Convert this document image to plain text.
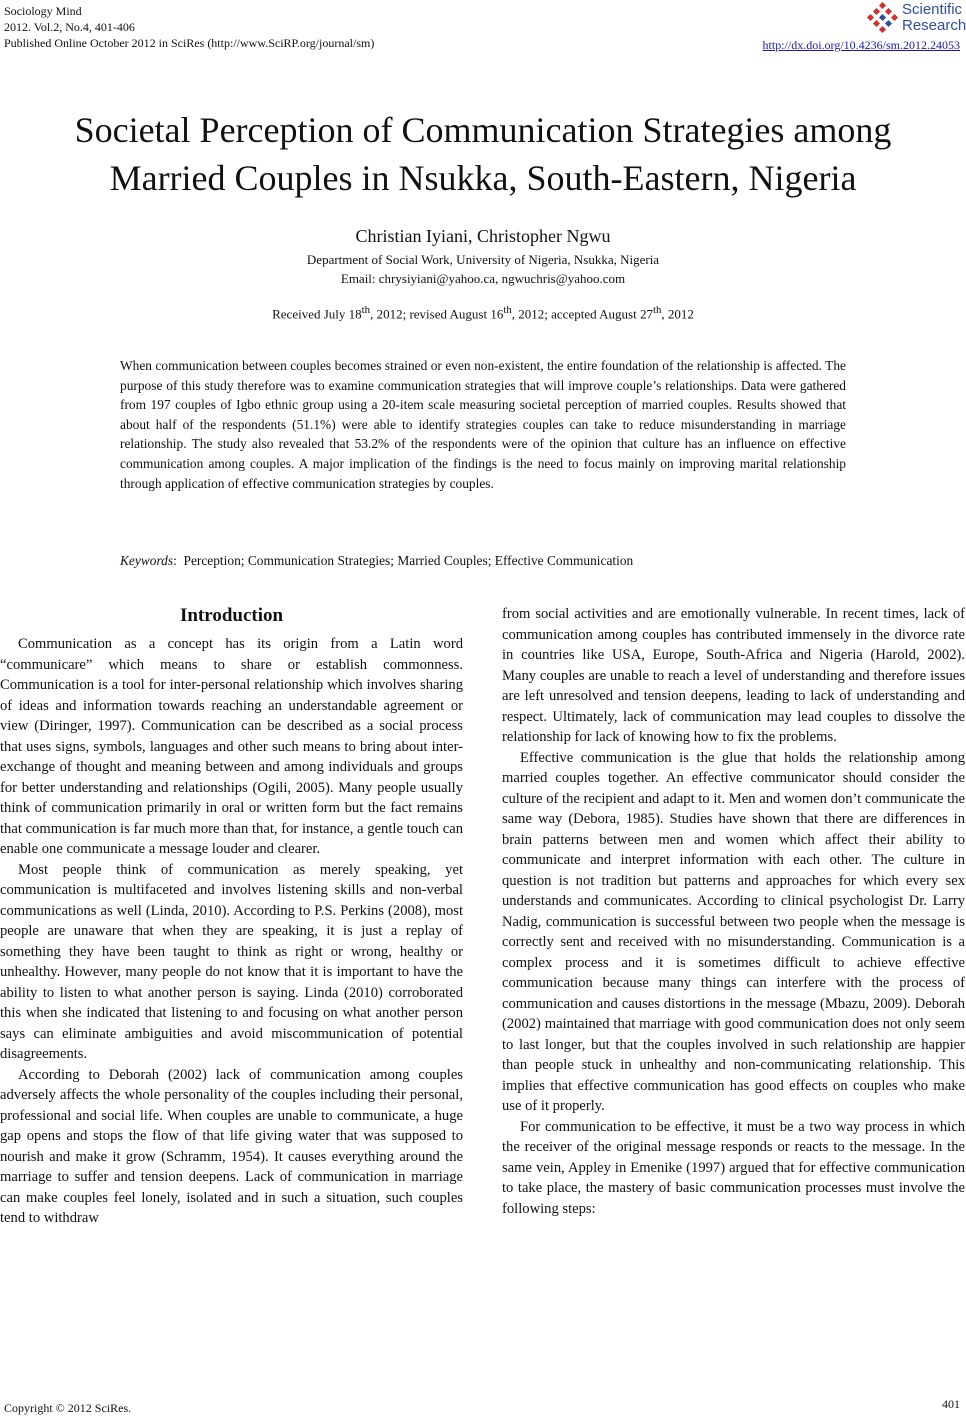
Sociology Mind
2012. Vol.2, No.4, 401-406
Published Online October 2012 in SciRes (http://www.SciRP.org/journal/sm)	http://dx.doi.org/10.4236/sm.2012.24053
Scientific
Research
Societal Perception of Communication Strategies among
Married Couples in Nsukka, South-Eastern, Nigeria
Christian Iyiani, Christopher Ngwu
Department of Social Work, University of Nigeria, Nsukka, Nigeria
Email: chrysiyiani@yahoo.ca, ngwuchris@yahoo.com
Received July 18th, 2012; revised August 16th, 2012; accepted August 27th, 2012

When communication between couples becomes strained or even non-existent, the entire foundation of the relationship is affected. The purpose of this study therefore was to examine communication strategies that will improve couple’s relationships. Data were gathered from 197 couples of Igbo ethnic group using a 20-item scale measuring societal perception of married couples. Results showed that about half of the respondents (51.1%) were able to identify strategies couples can take to reduce misunderstanding in marriage relationship. The study also revealed that 53.2% of the respondents were of the opinion that culture has an influence on effective communication among couples. A major implication of the findings is the need to focus mainly on improving marital relationship through application of effective communication strategies by couples.

Keywords:  Perception; Communication Strategies; Married Couples; Effective Communication
Introduction

Communication as a concept has its origin from a Latin word “communicare” which means to share or establish commonness. Communication is a tool for inter-personal relationship which involves sharing of ideas and information towards reaching an understandable agreement or view (Diringer, 1997). Communication can be described as a social process that uses signs, symbols, languages and other such means to bring about inter-exchange of thought and meaning between and among individuals and groups for better understanding and relationships (Ogili, 2005). Many people usually think of communication primarily in oral or written form but the fact remains that communication is far much more than that, for instance, a gentle touch can enable one communicate a message louder and clearer.

Most people think of communication as merely speaking, yet communication is multifaceted and involves listening skills and non-verbal communications as well (Linda, 2010). According to P.S. Perkins (2008), most people are unaware that when they are speaking, it is just a replay of something they have been taught to think as right or wrong, healthy or unhealthy. However, many people do not know that it is important to have the ability to listen to what another person is saying. Linda (2010) corroborated this when she indicated that listening to and focusing on what another person says can eliminate ambiguities and avoid miscommunication of potential disagreements.

According to Deborah (2002) lack of communication among couples adversely affects the whole personality of the couples including their personal, professional and social life. When couples are unable to communicate, a huge gap opens and stops the flow of that life giving water that was supposed to nourish and make it grow (Schramm, 1954). It causes everything around the marriage to suffer and tension deepens. Lack of communication in marriage can make couples feel lonely, isolated and in such a situation, such couples tend to withdraw

from social activities and are emotionally vulnerable. In recent times, lack of communication among couples has contributed immensely in the divorce rate in countries like USA, Europe, South-Africa and Nigeria (Harold, 2002). Many couples are unable to reach a level of understanding and therefore issues are left unresolved and tension deepens, leading to lack of understanding and respect. Ultimately, lack of communication may lead couples to dissolve the relationship for lack of knowing how to fix the problems.

Effective communication is the glue that holds the relationship among married couples together. An effective communicator should consider the culture of the recipient and adapt to it. Men and women don’t communicate the same way (Debora, 1985). Studies have shown that there are differences in brain patterns between men and women which affect their ability to communicate and interpret information with each other. The culture in question is not tradition but patterns and approaches for which every sex understands and communicates. According to clinical psychologist Dr. Larry Nadig, communication is successful between two people when the message is correctly sent and received with no misunderstanding. Communication is a complex process and it is sometimes difficult to achieve effective communication because many things can interfere with the process of communication and causes distortions in the message (Mbazu, 2009). Deborah (2002) maintained that marriage with good communication does not only seem to last longer, but that the couples involved in such relationship are happier than people stuck in unhealthy and non-communicating relationship. This implies that effective communication has good effects on couples who make use of it properly.

For communication to be effective, it must be a two way process in which the receiver of the original message responds or reacts to the message. In the same vein, Appley in Emenike (1997) argued that for effective communication to take place, the mastery of basic communication processes must involve the following steps:

Copyright © 2012 SciRes.	401
